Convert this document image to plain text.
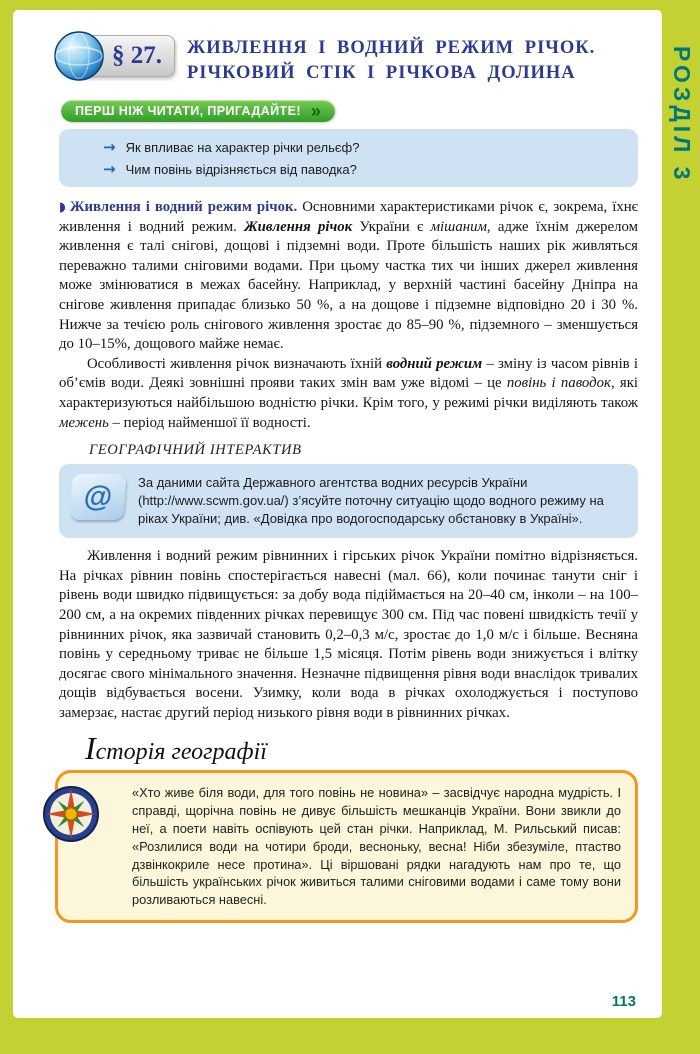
РОЗДІЛ 3
§ 27.	ЖИВЛЕННЯ І ВОДНИЙ РЕЖИМ РІЧОК.
РІЧКОВИЙ СТІК І РІЧКОВА ДОЛИНА
ПЕРШ НІЖ ЧИТАТИ, ПРИГАДАЙТЕ! »
→ Як впливає на характер річки рельєф?
→ Чим повінь відрізняється від паводка?

◗ Живлення і водний режим річок. Основними характеристиками річок є, зокрема, їхнє живлення і водний режим. Живлення річок України є мішаним, адже їхнім джерелом живлення є талі снігові, дощові і підземні води. Проте більшість наших рік живляться переважно талими сніговими водами. При цьому частка тих чи інших джерел живлення може змінюватися в межах басейну. Наприклад, у верхній частині басейну Дніпра на снігове живлення припадає близько 50 %, а на дощове і підземне відповідно 20 і 30 %. Нижче за течією роль снігового живлення зростає до 85–90 %, підземного – зменшується до 10–15%, дощового майже немає.

Особливості живлення річок визначають їхній водний режим – зміну із часом рівнів і об’ємів води. Деякі зовнішні прояви таких змін вам уже відомі – це повінь і паводок, які характеризуються найбільшою водністю річки. Крім того, у режимі річки виділяють також межень – період найменшої її водності.

ГЕОГРАФІЧНИЙ ІНТЕРАКТИВ
@	За даними сайта Державного агентства водних ресурсів України (http://www.scwm.gov.ua/) з’ясуйте поточну ситуацію щодо водного режиму на ріках України; див. «Довідка про водогосподарську обстановку в Україні».

Живлення і водний режим рівнинних і гірських річок України помітно відрізняється. На річках рівнин повінь спостерігається навесні (мал. 66), коли починає танути сніг і рівень води швидко підвищується: за добу вода підіймається на 20–40 см, інколи – на 100–200 см, а на окремих південних річках перевищує 300 см. Під час повені швидкість течії у рівнинних річок, яка зазвичай становить 0,2–0,3 м/с, зростає до 1,0 м/с і більше. Весняна повінь у середньому триває не більше 1,5 місяця. Потім рівень води знижується і влітку досягає свого мінімального значення. Незначне підвищення рівня води внаслідок тривалих дощів відбувається восени. Узимку, коли вода в річках охолоджується і поступово замерзає, настає другий період низького рівня води в рівнинних річках.

Історія географії
«Хто живе біля води, для того повінь не новина» – засвідчує народна мудрість. І справді, щорічна повінь не дивує більшість мешканців України. Вони звикли до неї, а поети навіть оспівують цей стан річки. Наприклад, М. Рильський писав: «Розлилися води на чотири броди, весноньку, весна! Ніби збезуміле, птаство дзвінкокриле несе протина». Ці віршовані рядки нагадують нам про те, що більшість українських річок живиться талими сніговими водами і саме тому вони розливаються навесні.
113
